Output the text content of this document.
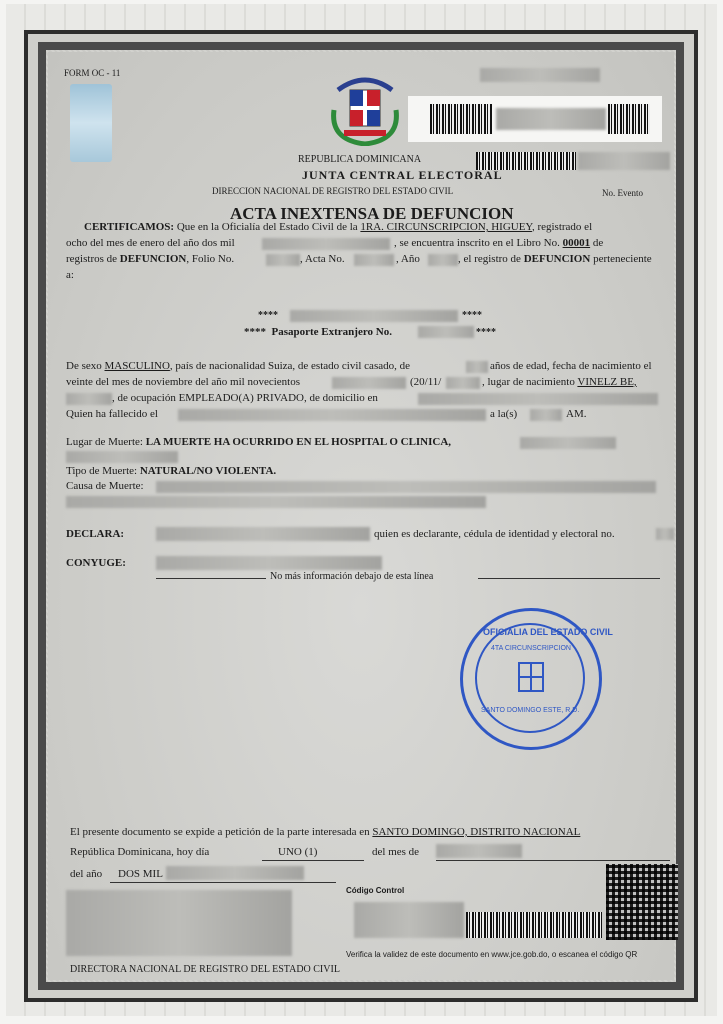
FORM OC - 11
REPUBLICA DOMINICANA
JUNTA CENTRAL ELECTORAL
DIRECCION NACIONAL DE REGISTRO DEL ESTADO CIVIL	No. Evento
ACTA INEXTENSA DE DEFUNCION
CERTIFICAMOS: Que en la Oficialía del Estado Civil de la 1RA. CIRCUNSCRIPCION, HIGUEY, registrado el
ocho del mes de enero del año dos mil	, se encuentra inscrito en el Libro No. 00001 de
registros de DEFUNCION, Folio No.	, Acta No.	, Año	, el registro de DEFUNCION perteneciente
a:
****	****
**** Pasaporte Extranjero No.	****
De sexo MASCULINO, país de nacionalidad Suiza, de estado civil casado, de	años de edad, fecha de nacimiento el
veinte del mes de noviembre del año mil novecientos	(20/11/	, lugar de nacimiento VINELZ BE,
, de ocupación EMPLEADO(A) PRIVADO, de domicilio en
Quien ha fallecido el	a la(s)	AM.
Lugar de Muerte: LA MUERTE HA OCURRIDO EN EL HOSPITAL O CLINICA,
Tipo de Muerte: NATURAL/NO VIOLENTA.
Causa de Muerte:
DECLARA:	quien es declarante, cédula de identidad y electoral no.
CONYUGE:
No más información debajo de esta línea
OFICIALIA DEL ESTADO CIVIL
4TA CIRCUNSCRIPCION
SANTO DOMINGO ESTE, R.D.
El presente documento se expide a petición de la parte interesada en SANTO DOMINGO, DISTRITO NACIONAL
República Dominicana, hoy día	UNO (1)	del mes de
del año DOS MIL
Código Control
Verifica la validez de este documento en www.jce.gob.do, o escanea el código QR
DIRECTORA NACIONAL DE REGISTRO DEL ESTADO CIVIL
